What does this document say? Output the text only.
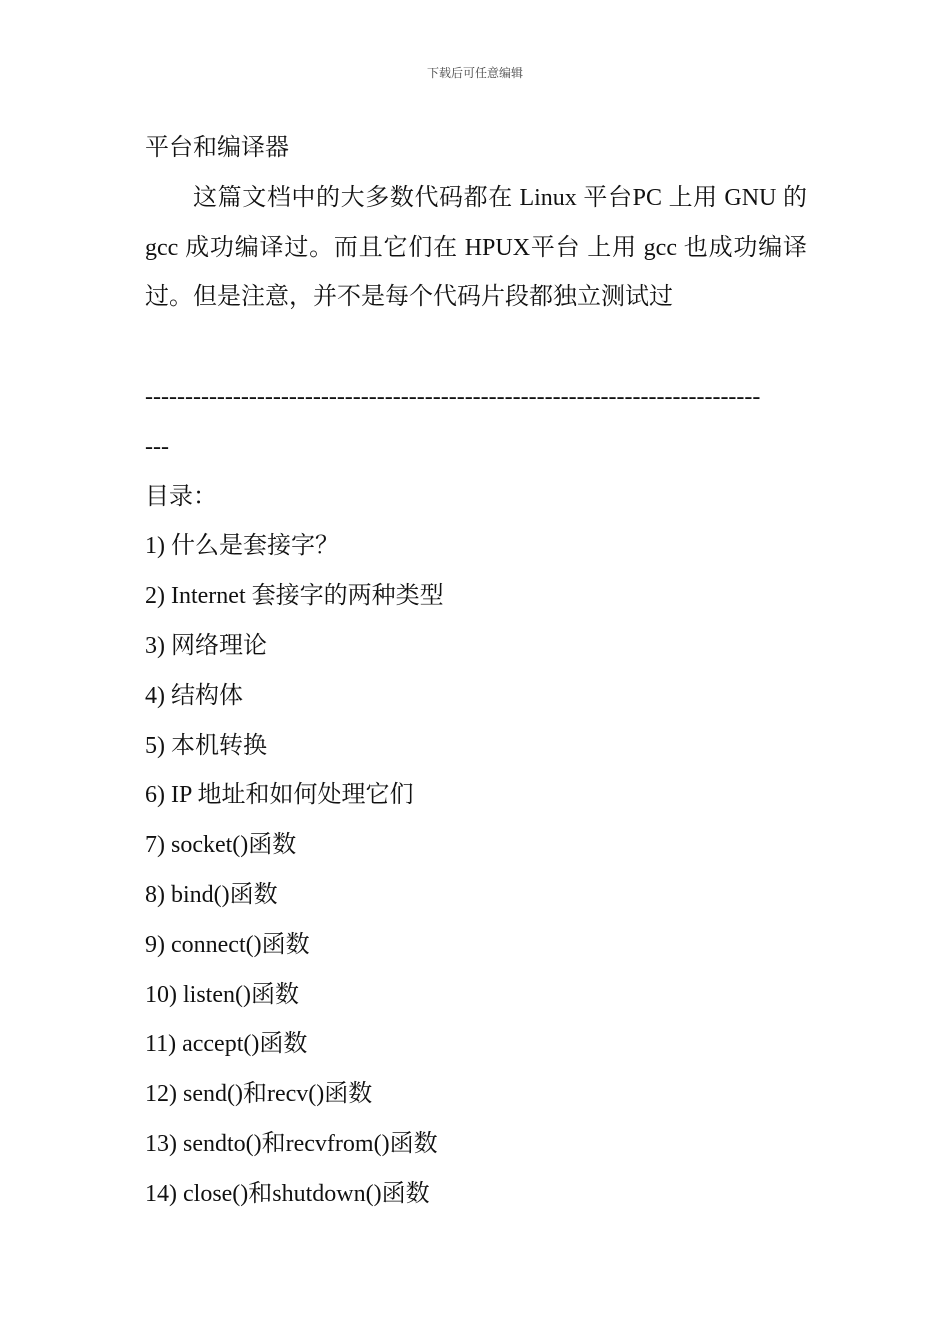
下载后可任意编辑

平台和编译器

这篇文档中的大多数代码都在 Linux 平台PC 上用 GNU 的 gcc 成功编译过。而且它们在 HPUX平台 上用 gcc 也成功编译过。但是注意，并不是每个代码片段都独立测试过

-----------------------------------------------------------------------------

---

目录：

1) 什么是套接字？

2) Internet 套接字的两种类型

3) 网络理论

4) 结构体

5) 本机转换

6) IP 地址和如何处理它们

7) socket()函数

8) bind()函数

9) connect()函数

10) listen()函数

11) accept()函数

12) send()和recv()函数

13) sendto()和recvfrom()函数

14) close()和shutdown()函数
